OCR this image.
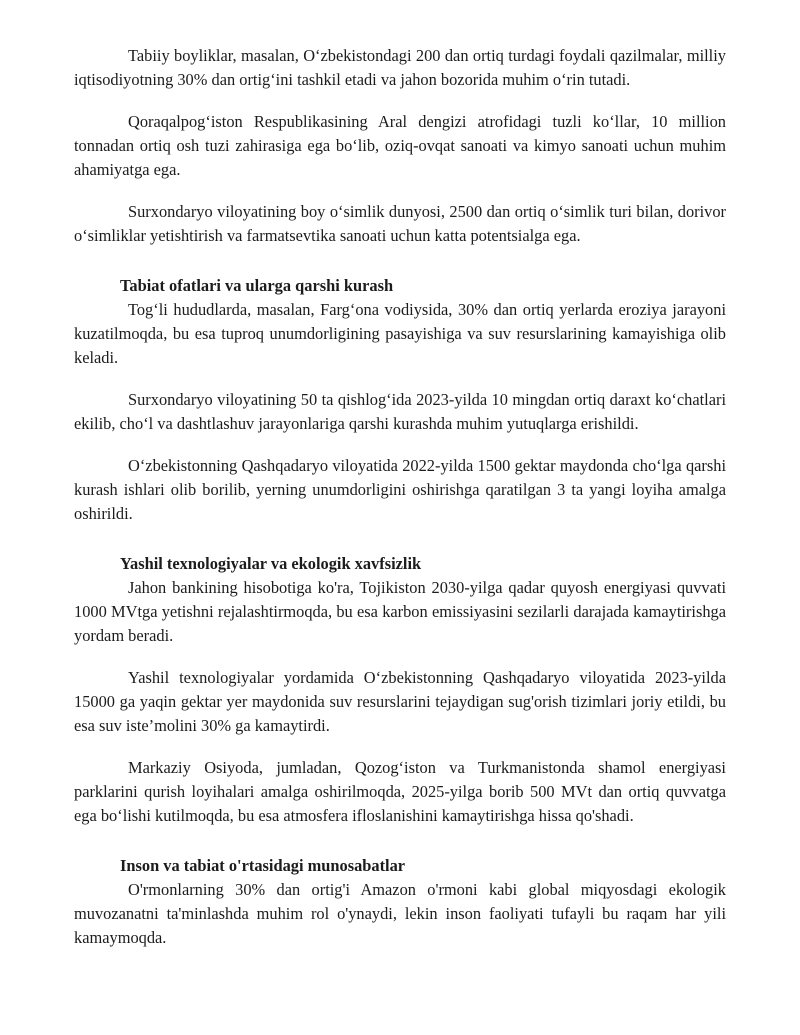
Tabiiy boyliklar, masalan, O‘zbekistondagi 200 dan ortiq turdagi foydali qazilmalar, milliy iqtisodiyotning 30% dan ortig‘ini tashkil etadi va jahon bozorida muhim o‘rin tutadi.

Qoraqalpog‘iston Respublikasining Aral dengizi atrofidagi tuzli ko‘llar, 10 million tonnadan ortiq osh tuzi zahirasiga ega bo‘lib, oziq-ovqat sanoati va kimyo sanoati uchun muhim ahamiyatga ega.

Surxondaryo viloyatining boy o‘simlik dunyosi, 2500 dan ortiq o‘simlik turi bilan, dorivor o‘simliklar yetishtirish va farmatsevtika sanoati uchun katta potentsialga ega.

Tabiat ofatlari va ularga qarshi kurash

Tog‘li hududlarda, masalan, Farg‘ona vodiysida, 30% dan ortiq yerlarda eroziya jarayoni kuzatilmoqda, bu esa tuproq unumdorligining pasayishiga va suv resurslarining kamayishiga olib keladi.

Surxondaryo viloyatining 50 ta qishlog‘ida 2023-yilda 10 mingdan ortiq daraxt ko‘chatlari ekilib, cho‘l va dashtlashuv jarayonlariga qarshi kurashda muhim yutuqlarga erishildi.

O‘zbekistonning Qashqadaryo viloyatida 2022-yilda 1500 gektar maydonda cho‘lga qarshi kurash ishlari olib borilib, yerning unumdorligini oshirishga qaratilgan 3 ta yangi loyiha amalga oshirildi.

Yashil texnologiyalar va ekologik xavfsizlik

Jahon bankining hisobotiga ko'ra, Tojikiston 2030-yilga qadar quyosh energiyasi quvvati 1000 MVtga yetishni rejalashtirmoqda, bu esa karbon emissiyasini sezilarli darajada kamaytirishga yordam beradi.

Yashil texnologiyalar yordamida O‘zbekistonning Qashqadaryo viloyatida 2023-yilda 15000 ga yaqin gektar yer maydonida suv resurslarini tejaydigan sug'orish tizimlari joriy etildi, bu esa suv iste’molini 30% ga kamaytirdi.

Markaziy Osiyoda, jumladan, Qozog‘iston va Turkmanistonda shamol energiyasi parklarini qurish loyihalari amalga oshirilmoqda, 2025-yilga borib 500 MVt dan ortiq quvvatga ega bo‘lishi kutilmoqda, bu esa atmosfera ifloslanishini kamaytirishga hissa qo'shadi.

Inson va tabiat o'rtasidagi munosabatlar

O'rmonlarning 30% dan ortig'i Amazon o'rmoni kabi global miqyosdagi ekologik muvozanatni ta'minlashda muhim rol o'ynaydi, lekin inson faoliyati tufayli bu raqam har yili kamaymoqda.
